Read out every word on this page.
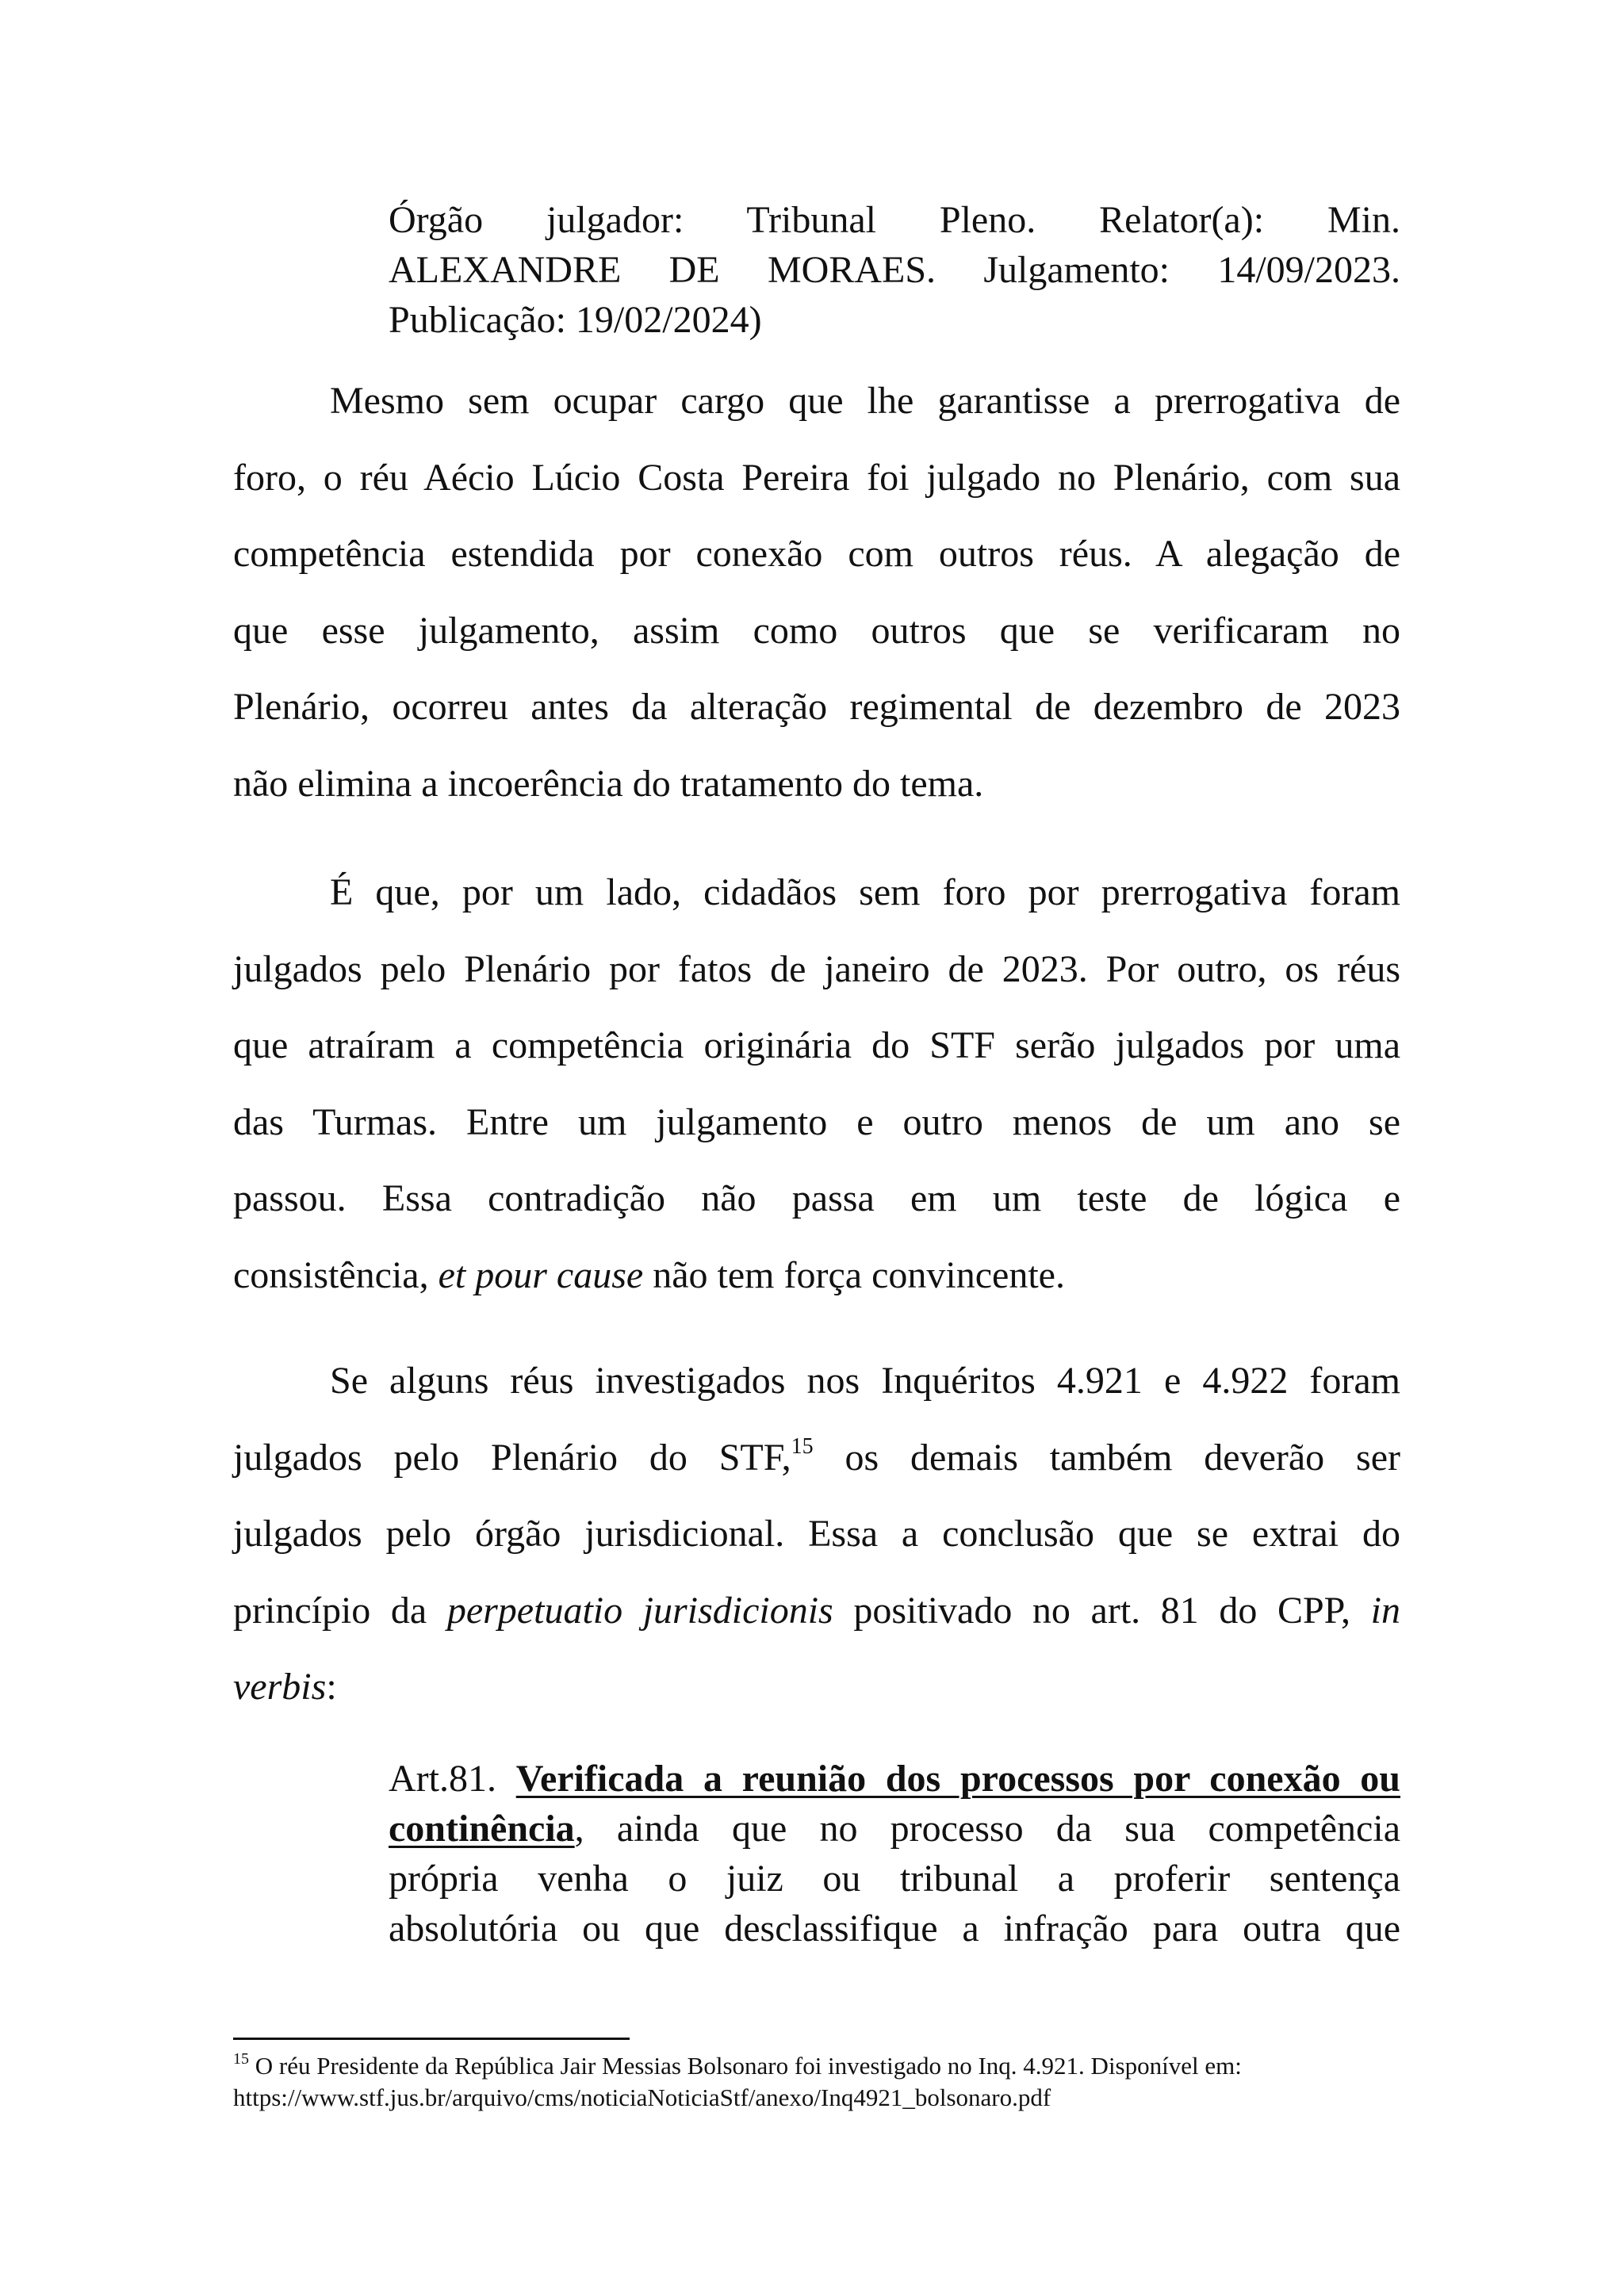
Órgão julgador: Tribunal Pleno. Relator(a): Min.
ALEXANDRE DE MORAES. Julgamento: 14/09/2023.
Publicação: 19/02/2024)
Mesmo sem ocupar cargo que lhe garantisse a prerrogativa de
foro, o réu Aécio Lúcio Costa Pereira foi julgado no Plenário, com sua
competência estendida por conexão com outros réus. A alegação de
que esse julgamento, assim como outros que se verificaram no
Plenário, ocorreu antes da alteração regimental de dezembro de 2023
não elimina a incoerência do tratamento do tema.
É que, por um lado, cidadãos sem foro por prerrogativa foram
julgados pelo Plenário por fatos de janeiro de 2023. Por outro, os réus
que atraíram a competência originária do STF serão julgados por uma
das Turmas. Entre um julgamento e outro menos de um ano se
passou. Essa contradição não passa em um teste de lógica e
consistência, et pour cause não tem força convincente.
Se alguns réus investigados nos Inquéritos 4.921 e 4.922 foram
julgados pelo Plenário do STF,$^{15}$ os demais também deverão ser
julgados pelo órgão jurisdicional. Essa a conclusão que se extrai do
princípio da perpetuatio jurisdicionis positivado no art. 81 do CPP, in
verbis:
Art.81. Verificada a reunião dos processos por conexão ou
continência, ainda que no processo da sua competência
própria venha o juiz ou tribunal a proferir sentença
absolutória ou que desclassifique a infração para outra que
$^{15}$ O réu Presidente da República Jair Messias Bolsonaro foi investigado no Inq. 4.921. Disponível em:
https://www.stf.jus.br/arquivo/cms/noticiaNoticiaStf/anexo/Inq4921_bolsonaro.pdf
